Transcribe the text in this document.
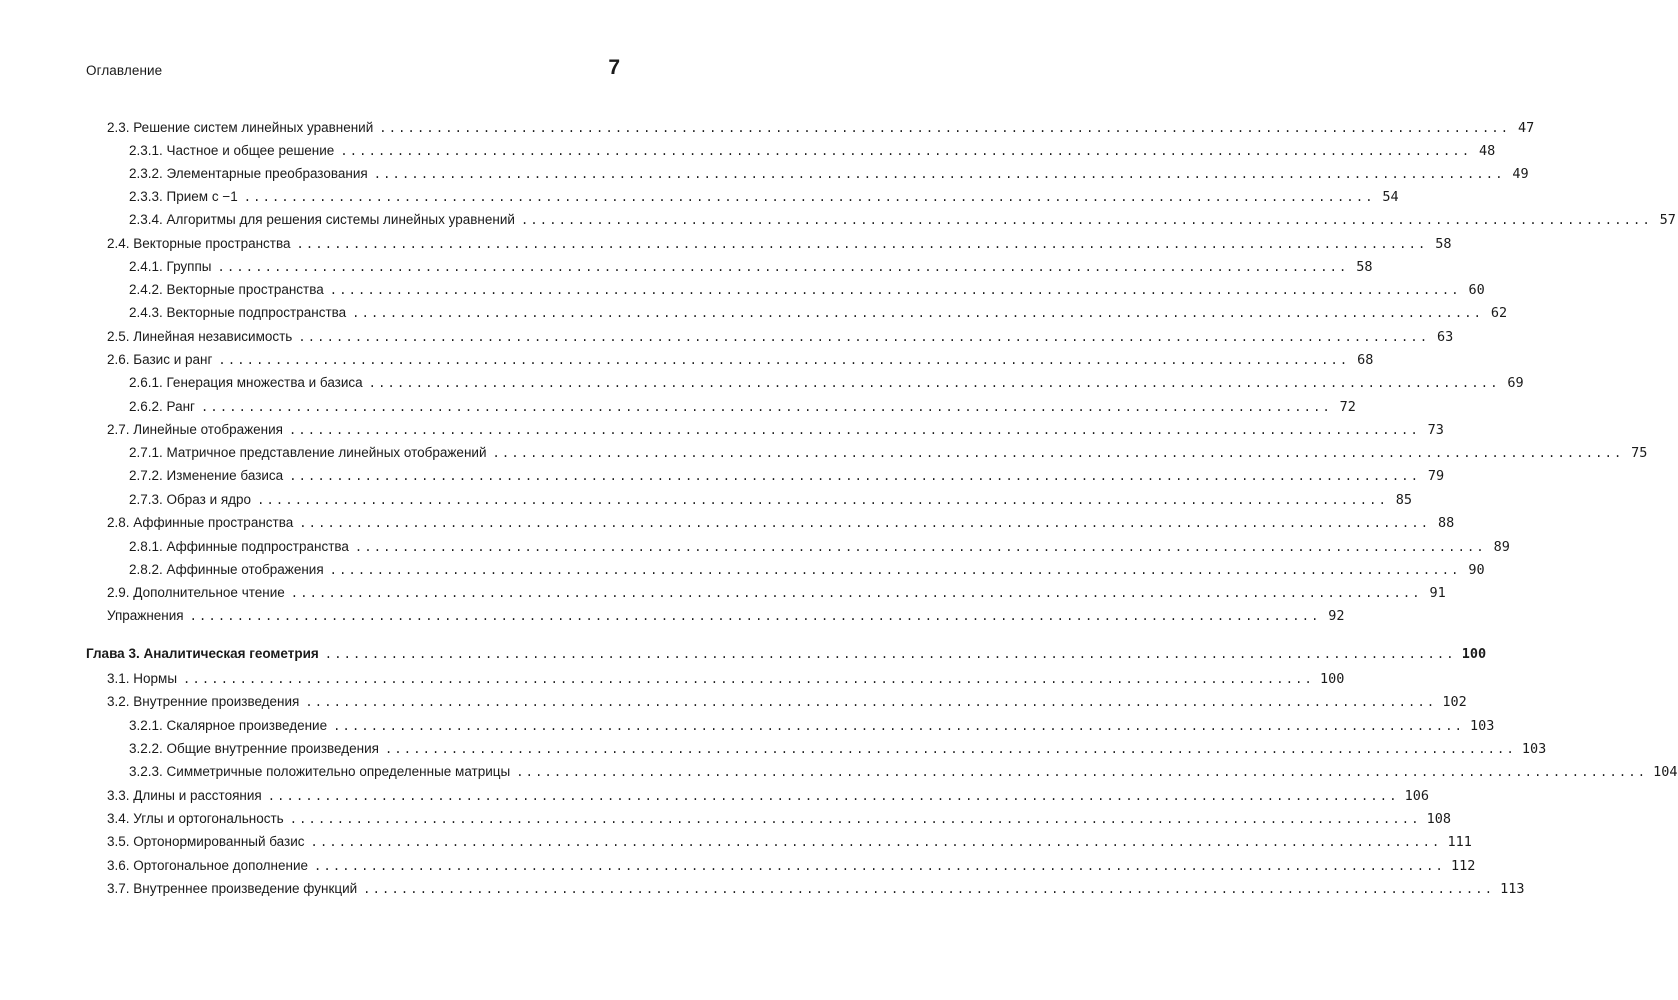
Оглавление	7
2.3. Решение систем линейных уравнений ........................................................................................................................ 47
2.3.1. Частное и общее решение ........................................................................................................................ 48
2.3.2. Элементарные преобразования ........................................................................................................................ 49
2.3.3. Прием с −1 ........................................................................................................................ 54
2.3.4. Алгоритмы для решения системы линейных уравнений ........................................................................................................................ 57
2.4. Векторные пространства ........................................................................................................................ 58
2.4.1. Группы ........................................................................................................................ 58
2.4.2. Векторные пространства ........................................................................................................................ 60
2.4.3. Векторные подпространства ........................................................................................................................ 62
2.5. Линейная независимость ........................................................................................................................ 63
2.6. Базис и ранг ........................................................................................................................ 68
2.6.1. Генерация множества и базиса ........................................................................................................................ 69
2.6.2. Ранг ........................................................................................................................ 72
2.7. Линейные отображения ........................................................................................................................ 73
2.7.1. Матричное представление линейных отображений ........................................................................................................................ 75
2.7.2. Изменение базиса ........................................................................................................................ 79
2.7.3. Образ и ядро ........................................................................................................................ 85
2.8. Аффинные пространства ........................................................................................................................ 88
2.8.1. Аффинные подпространства ........................................................................................................................ 89
2.8.2. Аффинные отображения ........................................................................................................................ 90
2.9. Дополнительное чтение ........................................................................................................................ 91
Упражнения ........................................................................................................................ 92
Глава 3. Аналитическая геометрия ........................................................................................................................ 100
3.1. Нормы ........................................................................................................................ 100
3.2. Внутренние произведения ........................................................................................................................ 102
3.2.1. Скалярное произведение ........................................................................................................................ 103
3.2.2. Общие внутренние произведения ........................................................................................................................ 103
3.2.3. Симметричные положительно определенные матрицы ........................................................................................................................ 104
3.3. Длины и расстояния ........................................................................................................................ 106
3.4. Углы и ортогональность ........................................................................................................................ 108
3.5. Ортонормированный базис ........................................................................................................................ 111
3.6. Ортогональное дополнение ........................................................................................................................ 112
3.7. Внутреннее произведение функций ........................................................................................................................ 113
